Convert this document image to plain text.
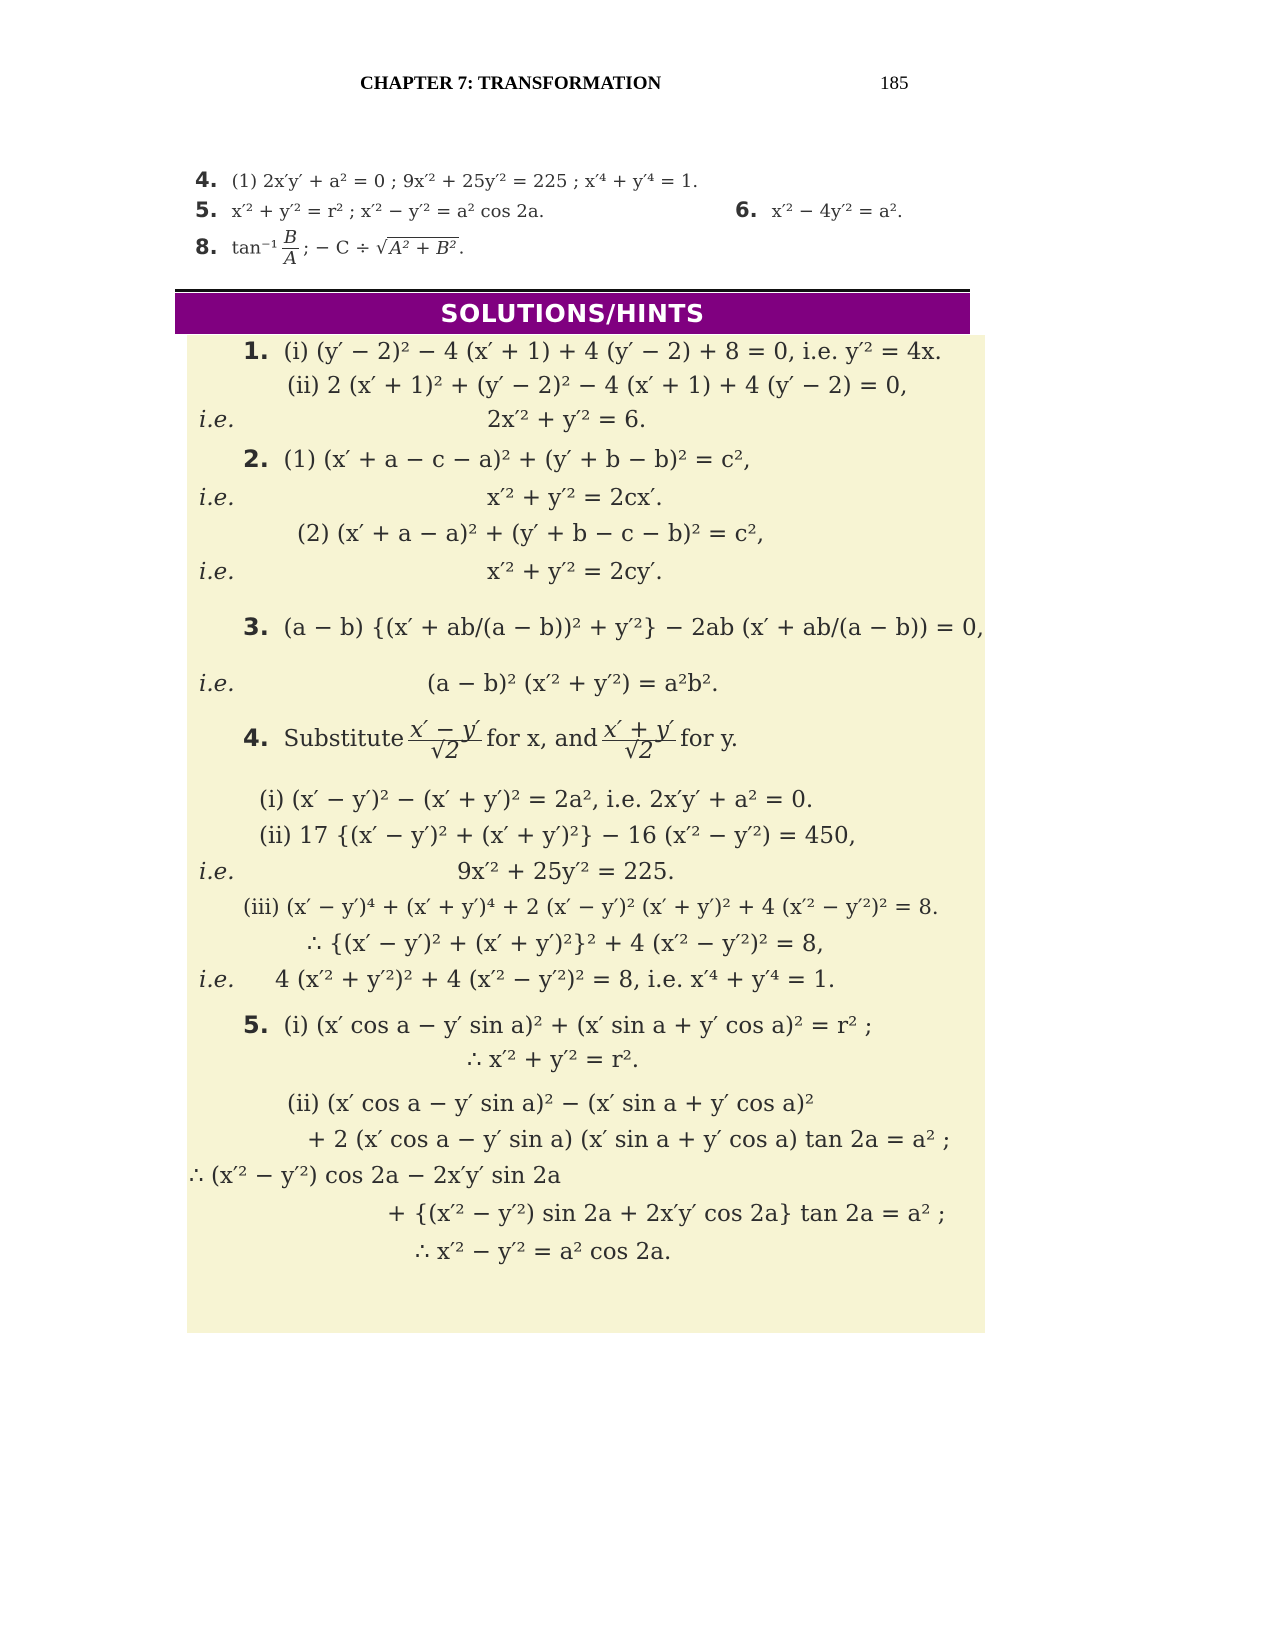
CHAPTER 7: TRANSFORMATION	185
4. (1) 2x′y′ + a² = 0 ; 9x′² + 25y′² = 225 ; x′⁴ + y′⁴ = 1.
5. x′² + y′² = r² ; x′² − y′² = a² cos 2a.	6. x′² − 4y′² = a².
8. $\tan^{-1} \frac{B}{A}$ ; − C ÷ √ A² + B² .
SOLUTIONS/HINTS
1. (i) (y′ − 2)² − 4 (x′ + 1) + 4 (y′ − 2) + 8 = 0, i.e. y′² = 4x.
(ii) 2 (x′ + 1)² + (y′ − 2)² − 4 (x′ + 1) + 4 (y′ − 2) = 0,
i.e.	2x′² + y′² = 6.
2. (1) (x′ + a − c − a)² + (y′ + b − b)² = c²,
i.e.	x′² + y′² = 2cx′.
(2) (x′ + a − a)² + (y′ + b − c − b)² = c²,
i.e.	x′² + y′² = 2cy′.
3. (a − b) {(x′ + ab/(a − b))² + y′²} − 2ab (x′ + ab/(a − b)) = 0,
i.e.	(a − b)² (x′² + y′²) = a²b².
4. Substitute $\frac{x' - y'}{√2}$ for x, and $\frac{x' + y'}{√2}$ for y.
(i) (x′ − y′)² − (x′ + y′)² = 2a², i.e. 2x′y′ + a² = 0.
(ii) 17 {(x′ − y′)² + (x′ + y′)²} − 16 (x′² − y′²) = 450,
i.e.	9x′² + 25y′² = 225.
(iii) (x′ − y′)⁴ + (x′ + y′)⁴ + 2 (x′ − y′)² (x′ + y′)² + 4 (x′² − y′²)² = 8.
∴ {(x′ − y′)² + (x′ + y′)²}² + 4 (x′² − y′²)² = 8,
i.e. 4 (x′² + y′²)² + 4 (x′² − y′²)² = 8, i.e. x′⁴ + y′⁴ = 1.
5. (i) (x′ cos a − y′ sin a)² + (x′ sin a + y′ cos a)² = r² ;
∴ x′² + y′² = r².
(ii) (x′ cos a − y′ sin a)² − (x′ sin a + y′ cos a)²
+ 2 (x′ cos a − y′ sin a) (x′ sin a + y′ cos a) tan 2a = a² ;
∴ (x′² − y′²) cos 2a − 2x′y′ sin 2a
+ {(x′² − y′²) sin 2a + 2x′y′ cos 2a} tan 2a = a² ;
∴ x′² − y′² = a² cos 2a.
